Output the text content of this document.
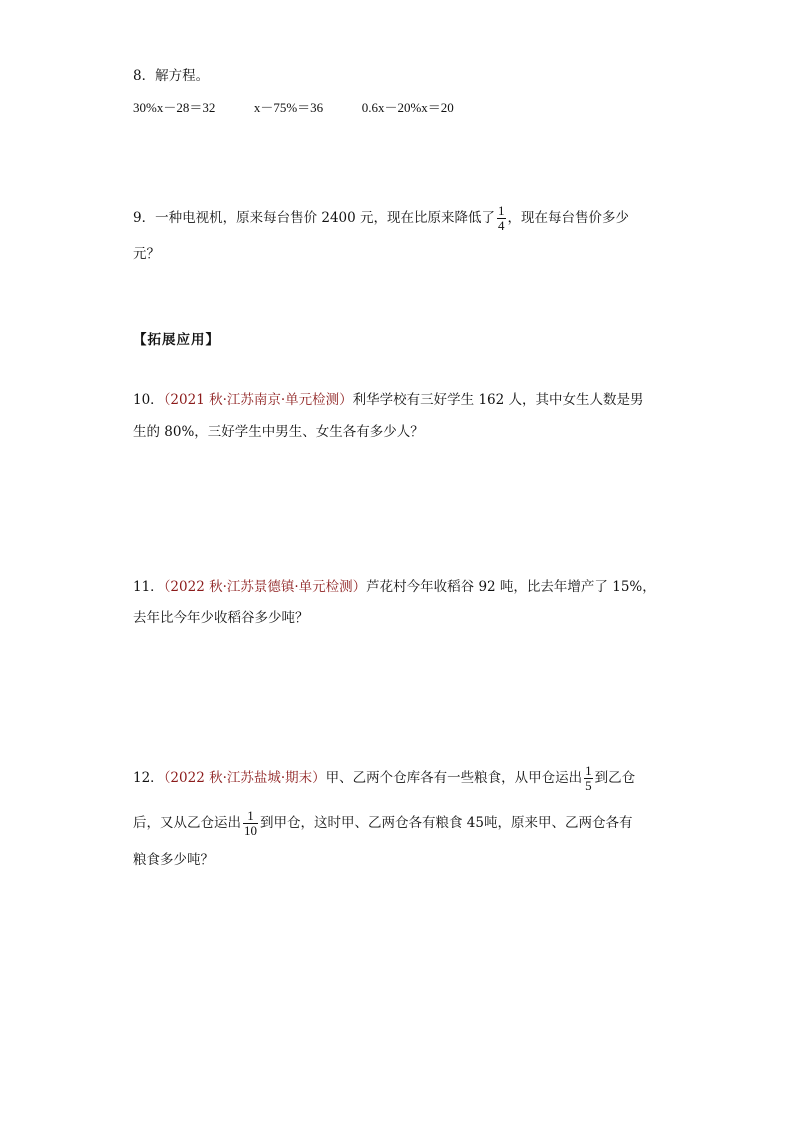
8．解方程。
30%x－28＝32	x－75%＝36	0.6x－20%x＝20
9．一种电视机，原来每台售价 2400 元，现在比原来降低了 $\frac{1}{4}$ ，现在每台售价多少
元？
【拓展应用】
10．（2021 秋·江苏南京·单元检测）利华学校有三好学生 162 人，其中女生人数是男
生的 80%，三好学生中男生、女生各有多少人？
11．（2022 秋·江苏景德镇·单元检测）芦花村今年收稻谷 92 吨，比去年增产了 15%，
去年比今年少收稻谷多少吨？
12．（2022 秋·江苏盐城·期末）甲、乙两个仓库各有一些粮食，从甲仓运出 $\frac{1}{5}$ 到乙仓
后，又从乙仓运出 $\frac{1}{10}$ 到甲仓，这时甲、乙两仓各有粮食 45吨，原来甲、乙两仓各有
粮食多少吨？
